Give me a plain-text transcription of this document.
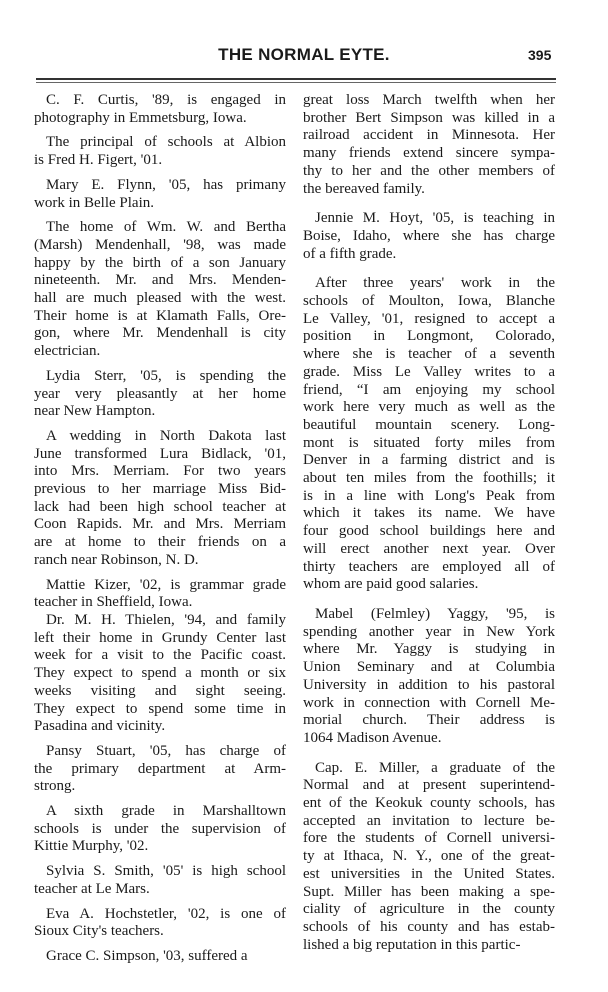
THE NORMAL EYTE.	395
C. F. Curtis, '89, is engaged in
photography in Emmetsburg, Iowa.
The principal of schools at Albion
is Fred H. Figert, '01.
Mary E. Flynn, '05, has primany
work in Belle Plain.
The home of Wm. W. and Bertha
(Marsh) Mendenhall, '98, was made
happy by the birth of a son January
nineteenth. Mr. and Mrs. Menden-
hall are much pleased with the west.
Their home is at Klamath Falls, Ore-
gon, where Mr. Mendenhall is city
electrician.
Lydia Sterr, '05, is spending the
year very pleasantly at her home
near New Hampton.
A wedding in North Dakota last
June transformed Lura Bidlack, '01,
into Mrs. Merriam. For two years
previous to her marriage Miss Bid-
lack had been high school teacher at
Coon Rapids. Mr. and Mrs. Merriam
are at home to their friends on a
ranch near Robinson, N. D.
Mattie Kizer, '02, is grammar grade
teacher in Sheffield, Iowa.
Dr. M. H. Thielen, '94, and family
left their home in Grundy Center last
week for a visit to the Pacific coast.
They expect to spend a month or six
weeks visiting and sight seeing.
They expect to spend some time in
Pasadina and vicinity.
Pansy Stuart, '05, has charge of
the primary department at Arm-
strong.
A sixth grade in Marshalltown
schools is under the supervision of
Kittie Murphy, '02.
Sylvia S. Smith, '05' is high school
teacher at Le Mars.
Eva A. Hochstetler, '02, is one of
Sioux City's teachers.
Grace C. Simpson, '03, suffered a
great loss March twelfth when her
brother Bert Simpson was killed in a
railroad accident in Minnesota. Her
many friends extend sincere sympa-
thy to her and the other members of
the bereaved family.
Jennie M. Hoyt, '05, is teaching in
Boise, Idaho, where she has charge
of a fifth grade.
After three years' work in the
schools of Moulton, Iowa, Blanche
Le Valley, '01, resigned to accept a
position in Longmont, Colorado,
where she is teacher of a seventh
grade. Miss Le Valley writes to a
friend, “I am enjoying my school
work here very much as well as the
beautiful mountain scenery. Long-
mont is situated forty miles from
Denver in a farming district and is
about ten miles from the foothills; it
is in a line with Long's Peak from
which it takes its name. We have
four good school buildings here and
will erect another next year. Over
thirty teachers are employed all of
whom are paid good salaries.
Mabel (Felmley) Yaggy, '95, is
spending another year in New York
where Mr. Yaggy is studying in
Union Seminary and at Columbia
University in addition to his pastoral
work in connection with Cornell Me-
morial church. Their address is
1064 Madison Avenue.
Cap. E. Miller, a graduate of the
Normal and at present superintend-
ent of the Keokuk county schools, has
accepted an invitation to lecture be-
fore the students of Cornell universi-
ty at Ithaca, N. Y., one of the great-
est universities in the United States.
Supt. Miller has been making a spe-
ciality of agriculture in the county
schools of his county and has estab-
lished a big reputation in this partic-
